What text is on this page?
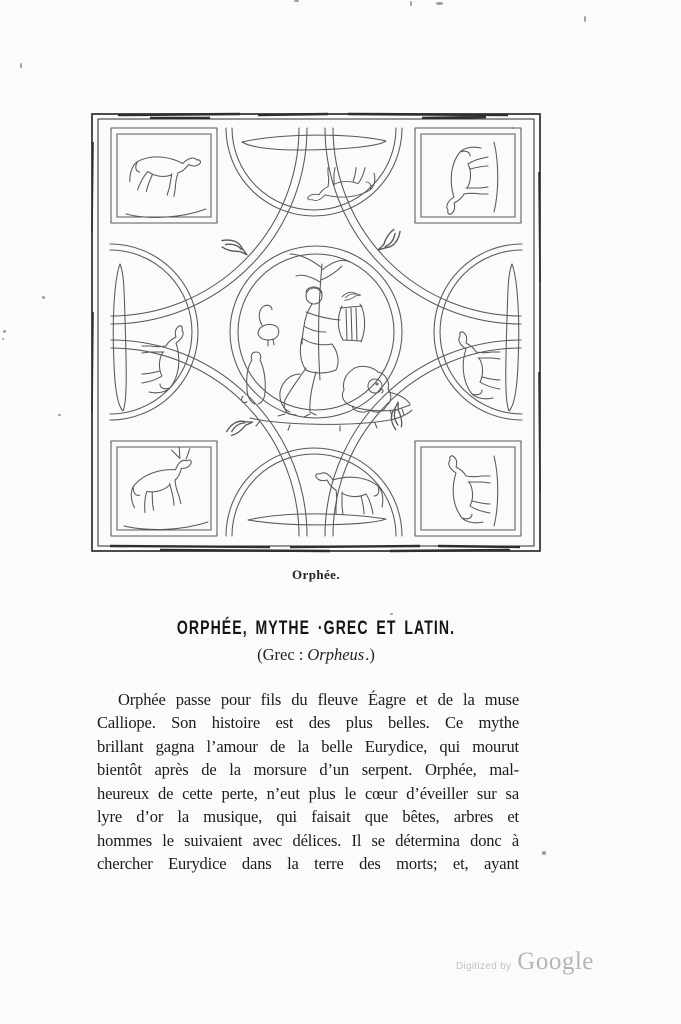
Orphée.
ORPHÉE, MYTHE ·GREC ET LATIN.
(Grec : Orpheus.)
Orphée passe pour fils du fleuve Éagre et de la muse
Calliope. Son histoire est des plus belles. Ce mythe
brillant gagna l’amour de la belle Eurydice, qui mourut
bientôt après de la morsure d’un serpent. Orphée, mal-
heureux de cette perte, n’eut plus le cœur d’éveiller sur sa
lyre d’or la musique, qui faisait que bêtes, arbres et
hommes le suivaient avec délices. Il se détermina donc à
chercher Eurydice dans la terre des morts; et, ayant
Digitized by Google
